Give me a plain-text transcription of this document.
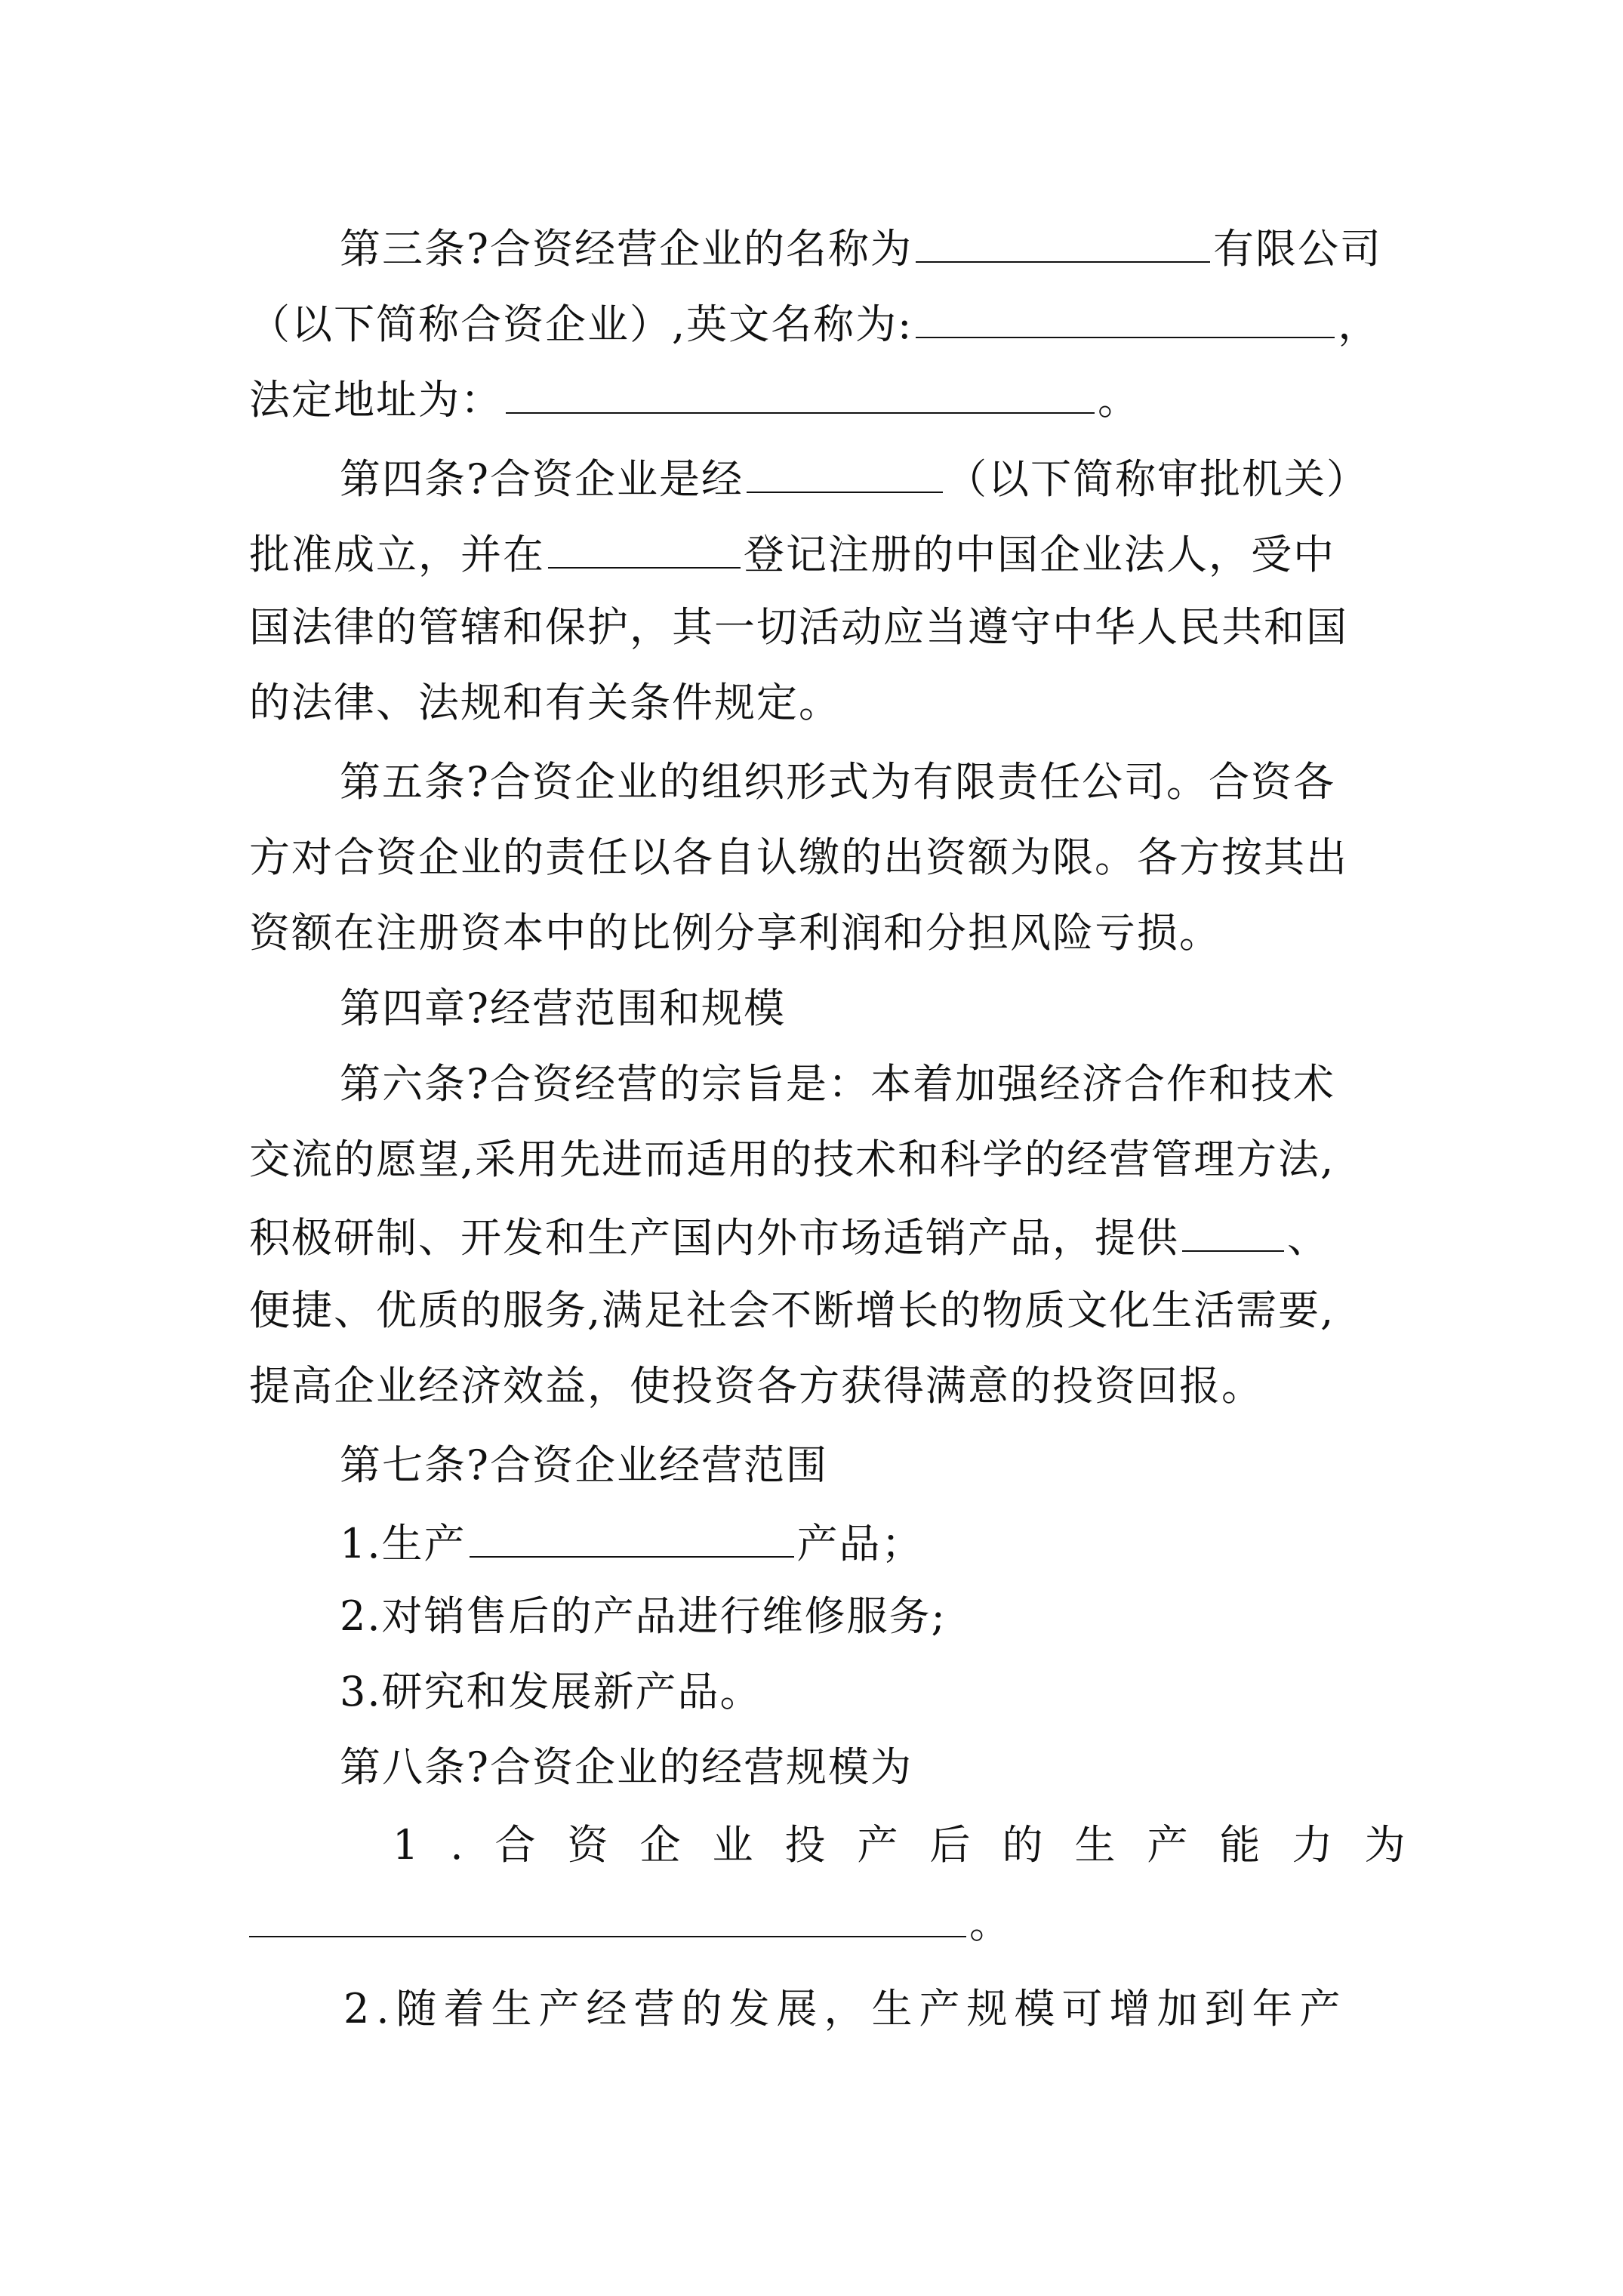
第三条?合资经营企业的名称为	有限公司
（以下简称合资企业）,英文名称为:	，
法定地址为：	。
第四条?合资企业是经	（以下简称审批机关）
批准成立，并在	登记注册的中国企业法人，受中
国法律的管辖和保护，其一切活动应当遵守中华人民共和国
的法律、法规和有关条件规定。
第五条?合资企业的组织形式为有限责任公司。合资各
方对合资企业的责任以各自认缴的出资额为限。各方按其出
资额在注册资本中的比例分享利润和分担风险亏损。
第四章?经营范围和规模
第六条?合资经营的宗旨是：本着加强经济合作和技术
交流的愿望,采用先进而适用的技术和科学的经营管理方法,
积极研制、开发和生产国内外市场适销产品，提供	、
便捷、优质的服务,满足社会不断增长的物质文化生活需要,
提高企业经济效益，使投资各方获得满意的投资回报。
第七条?合资企业经营范围
1.生产	产品；
2.对销售后的产品进行维修服务;
3.研究和发展新产品。
第八条?合资企业的经营规模为
1.合资企业投产后的生产能力为
。
2.随着生产经营的发展，生产规模可增加到年产
